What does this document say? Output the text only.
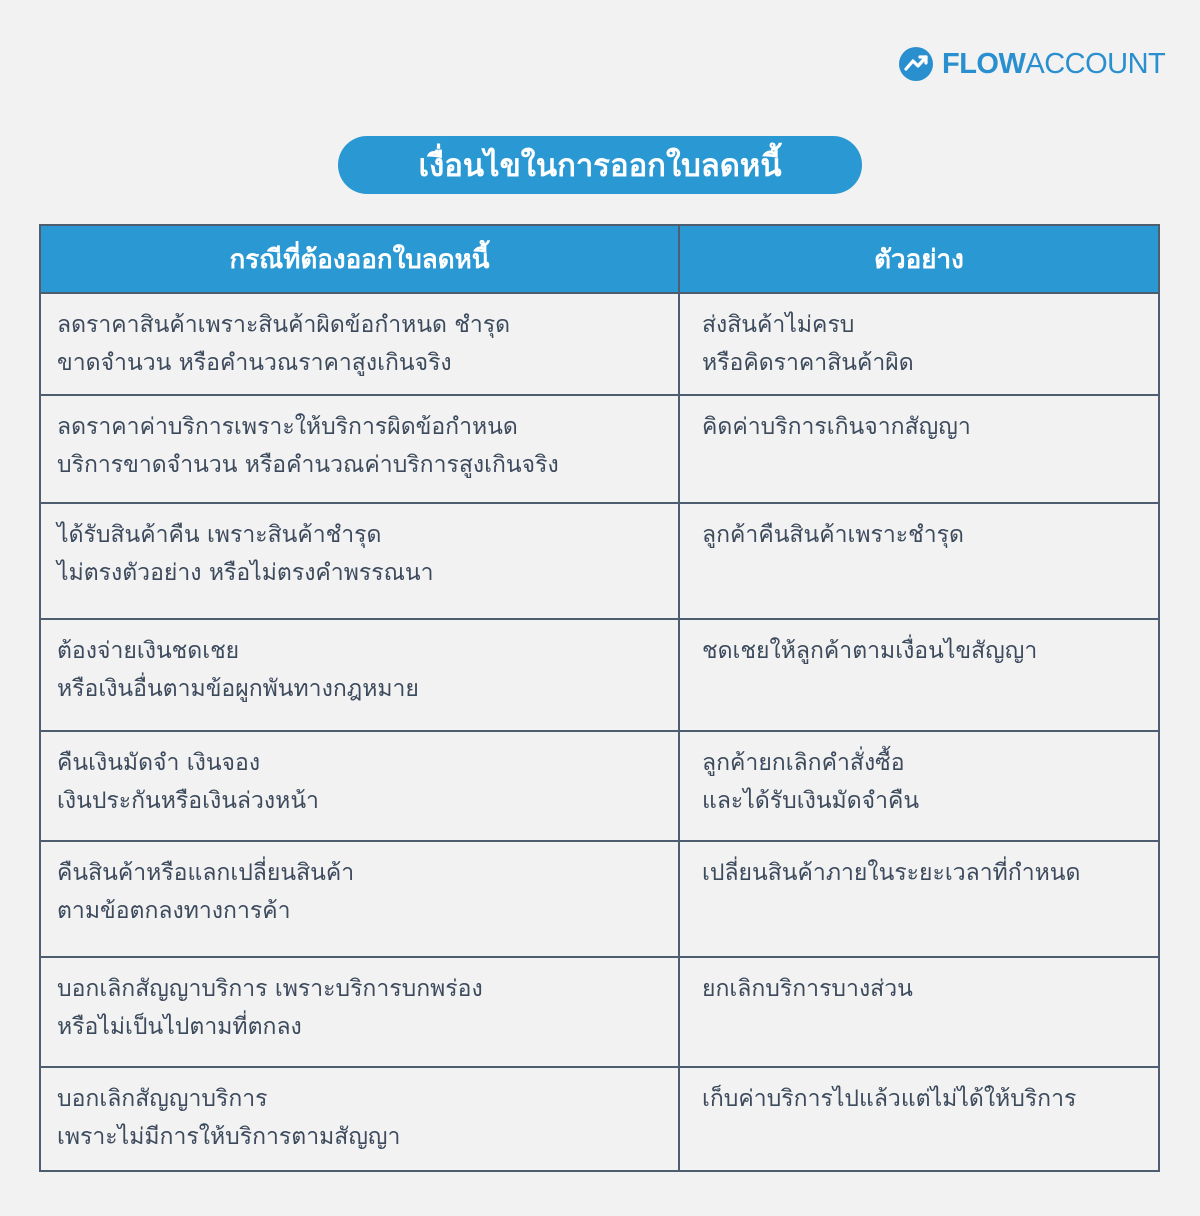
FLOWACCOUNT
เงื่อนไขในการออกใบลดหนี้
กรณีที่ต้องออกใบลดหนี้	ตัวอย่าง
ลดราคาสินค้าเพราะสินค้าผิดข้อกำหนด ชำรุด
ขาดจำนวน หรือคำนวณราคาสูงเกินจริง
ส่งสินค้าไม่ครบ
หรือคิดราคาสินค้าผิด
ลดราคาค่าบริการเพราะให้บริการผิดข้อกำหนด
บริการขาดจำนวน หรือคำนวณค่าบริการสูงเกินจริง
คิดค่าบริการเกินจากสัญญา
ได้รับสินค้าคืน เพราะสินค้าชำรุด
ไม่ตรงตัวอย่าง หรือไม่ตรงคำพรรณนา
ลูกค้าคืนสินค้าเพราะชำรุด
ต้องจ่ายเงินชดเชย
หรือเงินอื่นตามข้อผูกพันทางกฎหมาย
ชดเชยให้ลูกค้าตามเงื่อนไขสัญญา
คืนเงินมัดจำ เงินจอง
เงินประกันหรือเงินล่วงหน้า
ลูกค้ายกเลิกคำสั่งซื้อ
และได้รับเงินมัดจำคืน
คืนสินค้าหรือแลกเปลี่ยนสินค้า
ตามข้อตกลงทางการค้า
เปลี่ยนสินค้าภายในระยะเวลาที่กำหนด
บอกเลิกสัญญาบริการ เพราะบริการบกพร่อง
หรือไม่เป็นไปตามที่ตกลง
ยกเลิกบริการบางส่วน
บอกเลิกสัญญาบริการ
เพราะไม่มีการให้บริการตามสัญญา
เก็บค่าบริการไปแล้วแต่ไม่ได้ให้บริการ
